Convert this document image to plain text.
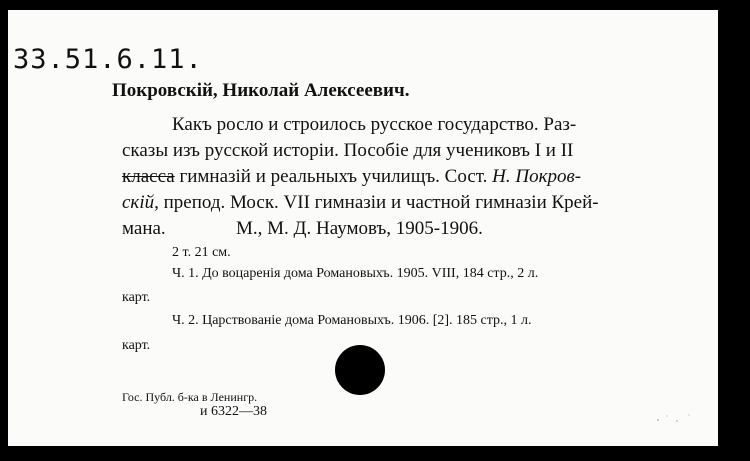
33.51.6.11.
Покровскій, Николай Алексеевич.
Какъ росло и строилось русское государство. Раз-
сказы изъ русской исторіи. Пособіе для учениковъ I и II
класса гимназій и реальныхъ училищъ. Сост. Н. Покров-
скій, препод. Моск. VII гимназіи и частной гимназіи Крей-
мана.	М., М. Д. Наумовъ, 1905-1906.
2 т. 21 см.
Ч. 1. До воцаренія дома Романовыхъ. 1905. VIII, 184 стр., 2 л.
карт.
Ч. 2. Царствованіе дома Романовыхъ. 1906. [2]. 185 стр., 1 л.
карт.
Гос. Публ. б-ка в Ленингр.
и 6322—38
